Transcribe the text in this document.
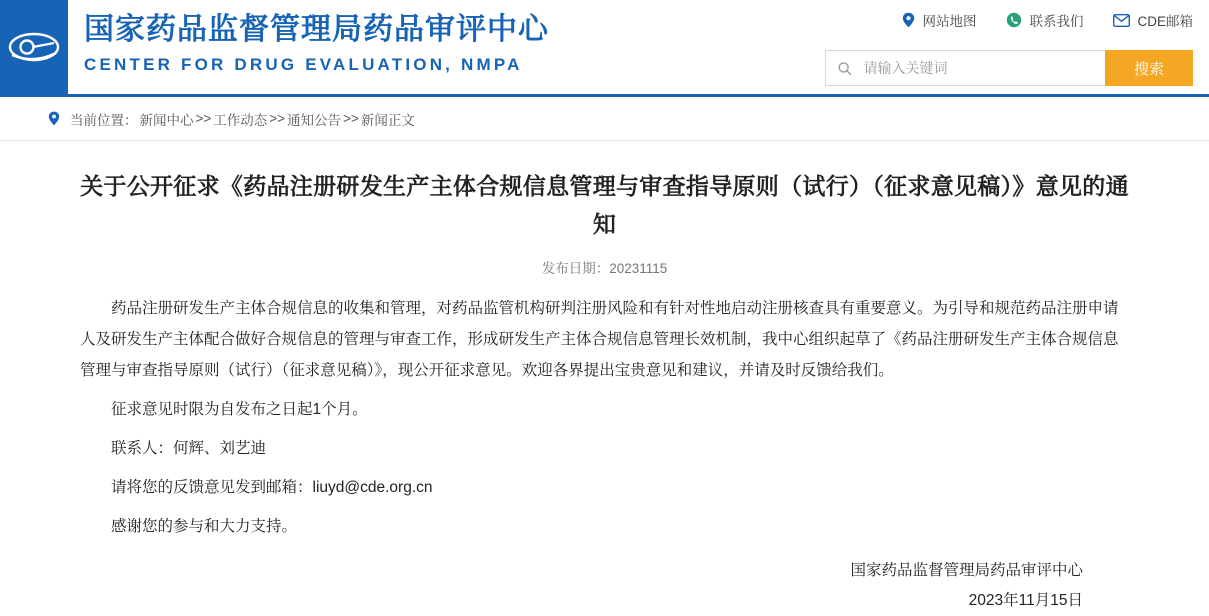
国家药品监督管理局药品审评中心
CENTER FOR DRUG EVALUATION, NMPA
网站地图	联系我们	CDE邮箱
请输入关键词
搜索
当前位置： 新闻中心 >> 工作动态 >> 通知公告 >> 新闻正文
关于公开征求《药品注册研发生产主体合规信息管理与审查指导原则（试行）（征求意见稿）》意见的通知
发布日期：20231115

药品注册研发生产主体合规信息的收集和管理，对药品监管机构研判注册风险和有针对性地启动注册核查具有重要意义。为引导和规范药品注册申请人及研发生产主体配合做好合规信息的管理与审查工作，形成研发生产主体合规信息管理长效机制，我中心组织起草了《药品注册研发生产主体合规信息管理与审查指导原则（试行）（征求意见稿）》，现公开征求意见。欢迎各界提出宝贵意见和建议，并请及时反馈给我们。

征求意见时限为自发布之日起1个月。

联系人：何辉、刘艺迪

请将您的反馈意见发到邮箱：liuyd@cde.org.cn

感谢您的参与和大力支持。

国家药品监督管理局药品审评中心
2023年11月15日
